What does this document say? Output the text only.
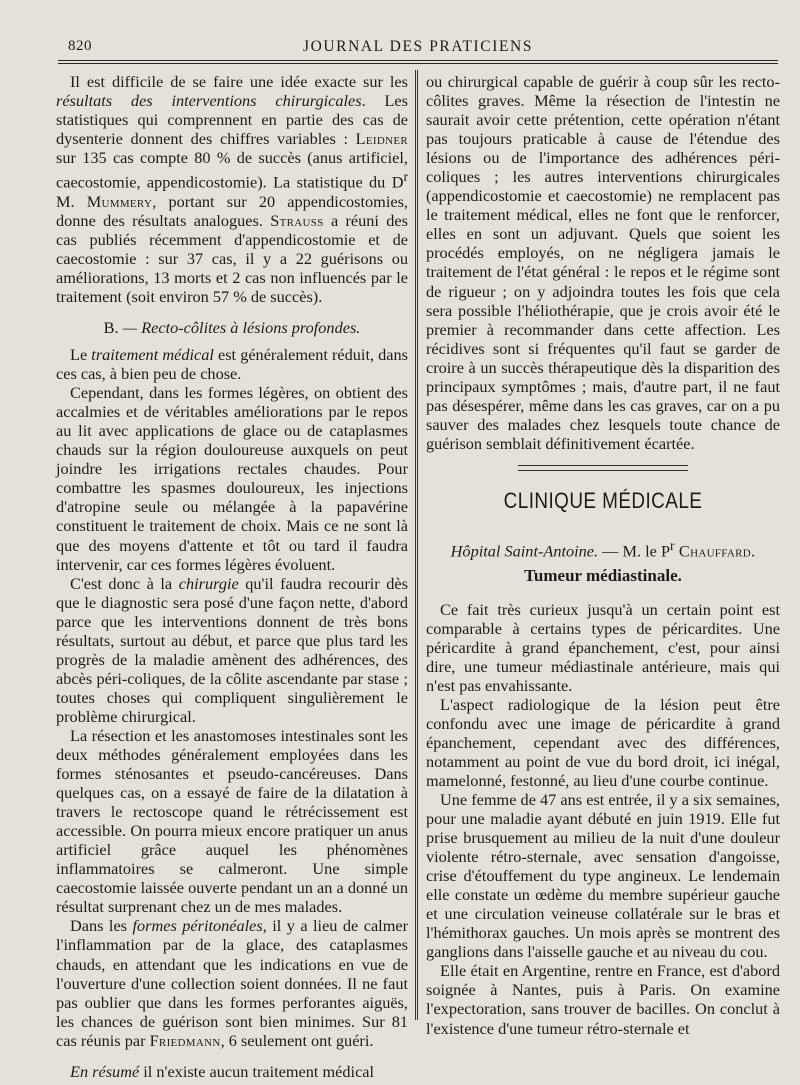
820	JOURNAL DES PRATICIENS

Il est difficile de se faire une idée exacte sur les résultats des interventions chirurgicales. Les statistiques qui comprennent en partie des cas de dysenterie donnent des chiffres variables : Leidner sur 135 cas compte 80 % de succès (anus artificiel, caecostomie, appendicostomie). La statistique du $D^r$ M. Mummery, portant sur 20 appendicostomies, donne des résultats analogues. Strauss a réuni des cas publiés récemment d'appendicostomie et de caecostomie : sur 37 cas, il y a 22 guérisons ou améliorations, 13 morts et 2 cas non influencés par le traitement (soit environ 57 % de succès).

B. — Recto-côlites à lésions profondes.

Le traitement médical est généralement réduit, dans ces cas, à bien peu de chose.

Cependant, dans les formes légères, on obtient des accalmies et de véritables améliorations par le repos au lit avec applications de glace ou de cataplasmes chauds sur la région douloureuse auxquels on peut joindre les irrigations rectales chaudes. Pour combattre les spasmes douloureux, les injections d'atropine seule ou mélangée à la papavérine constituent le traitement de choix. Mais ce ne sont là que des moyens d'attente et tôt ou tard il faudra intervenir, car ces formes légères évoluent.

C'est donc à la chirurgie qu'il faudra recourir dès que le diagnostic sera posé d'une façon nette, d'abord parce que les interventions donnent de très bons résultats, surtout au début, et parce que plus tard les progrès de la maladie amènent des adhérences, des abcès péri-coliques, de la côlite ascendante par stase ; toutes choses qui compliquent singulièrement le problème chirurgical.

La résection et les anastomoses intestinales sont les deux méthodes généralement employées dans les formes sténosantes et pseudo-cancéreuses. Dans quelques cas, on a essayé de faire de la dilatation à travers le rectoscope quand le rétrécissement est accessible. On pourra mieux encore pratiquer un anus artificiel grâce auquel les phénomènes inflammatoires se calmeront. Une simple caecostomie laissée ouverte pendant un an a donné un résultat surprenant chez un de mes malades.

Dans les formes péritonéales, il y a lieu de calmer l'inflammation par de la glace, des cataplasmes chauds, en attendant que les indications en vue de l'ouverture d'une collection soient données. Il ne faut pas oublier que dans les formes perforantes aiguës, les chances de guérison sont bien minimes. Sur 81 cas réunis par Friedmann, 6 seulement ont guéri.

En résumé il n'existe aucun traitement médical

ou chirurgical capable de guérir à coup sûr les recto-côlites graves. Même la résection de l'intestin ne saurait avoir cette prétention, cette opération n'étant pas toujours praticable à cause de l'étendue des lésions ou de l'importance des adhérences péri-coliques ; les autres interventions chirurgicales (appendicostomie et caecostomie) ne remplacent pas le traitement médical, elles ne font que le renforcer, elles en sont un adjuvant. Quels que soient les procédés employés, on ne négligera jamais le traitement de l'état général : le repos et le régime sont de rigueur ; on y adjoindra toutes les fois que cela sera possible l'héliothérapie, que je crois avoir été le premier à recommander dans cette affection. Les récidives sont si fréquentes qu'il faut se garder de croire à un succès thérapeutique dès la disparition des principaux symptômes ; mais, d'autre part, il ne faut pas désespérer, même dans les cas graves, car on a pu sauver des malades chez lesquels toute chance de guérison semblait définitivement écartée.

CLINIQUE MÉDICALE
Hôpital Saint-Antoine. — M. le $P^r$ Chauffard.
Tumeur médiastinale.

Ce fait très curieux jusqu'à un certain point est comparable à certains types de péricardites. Une péricardite à grand épanchement, c'est, pour ainsi dire, une tumeur médiastinale antérieure, mais qui n'est pas envahissante.

L'aspect radiologique de la lésion peut être confondu avec une image de péricardite à grand épanchement, cependant avec des différences, notamment au point de vue du bord droit, ici inégal, mamelonné, festonné, au lieu d'une courbe continue.

Une femme de 47 ans est entrée, il y a six semaines, pour une maladie ayant débuté en juin 1919. Elle fut prise brusquement au milieu de la nuit d'une douleur violente rétro-sternale, avec sensation d'angoisse, crise d'étouffement du type angineux. Le lendemain elle constate un œdème du membre supérieur gauche et une circulation veineuse collatérale sur le bras et l'hémithorax gauches. Un mois après se montrent des ganglions dans l'aisselle gauche et au niveau du cou.

Elle était en Argentine, rentre en France, est d'abord soignée à Nantes, puis à Paris. On examine l'expectoration, sans trouver de bacilles. On conclut à l'existence d'une tumeur rétro-sternale et
